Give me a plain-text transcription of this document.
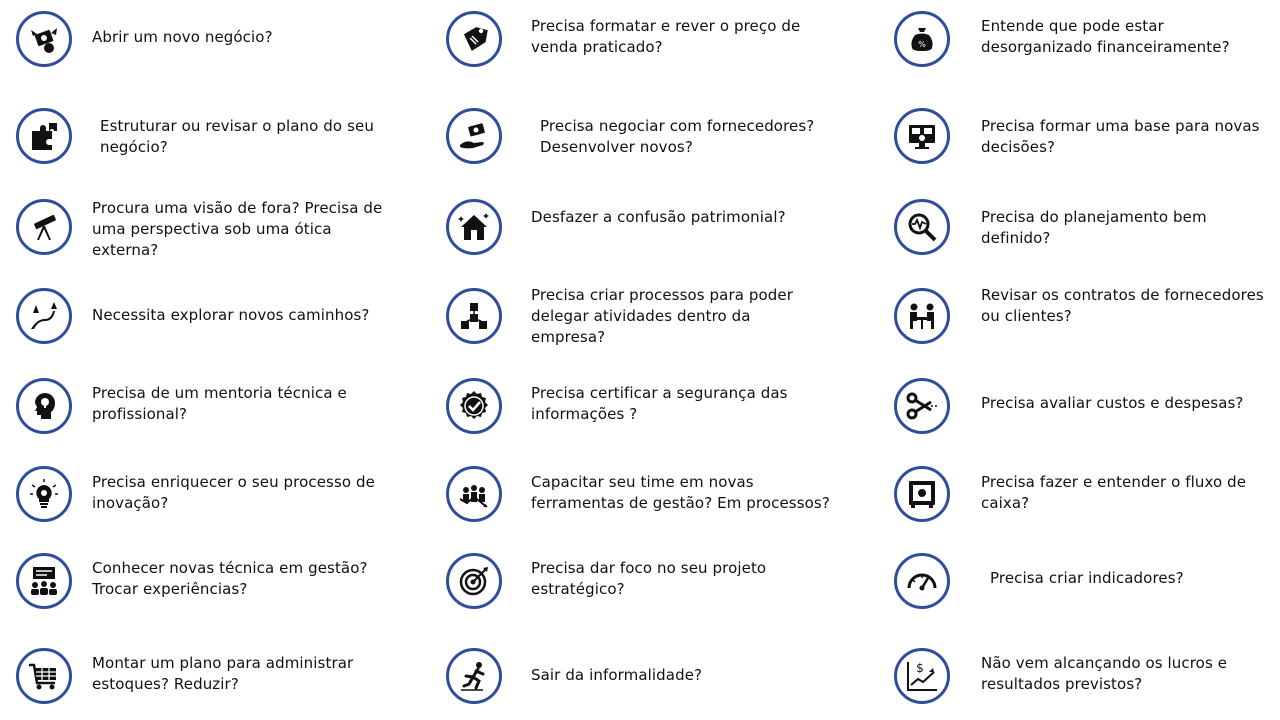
Abrir um novo negócio?
Precisa formatar e rever o preço de venda praticado?	%
Entende que pode estar desorganizado financeiramente?
Estruturar ou revisar o plano do seu negócio?
Precisa negociar com fornecedores? Desenvolver novos?
Precisa formar uma base para novas decisões?
Procura uma visão de fora? Precisa de uma perspectiva sob uma ótica externa?
Desfazer a confusão patrimonial?	Precisa do planejamento bem definido?
Necessita explorar novos caminhos?
Precisa criar processos para poder delegar atividades dentro da empresa?
Revisar os contratos de fornecedores ou clientes?
Precisa de um mentoria técnica e profissional?
Precisa certificar a segurança das informações ?
Precisa avaliar custos e despesas?
Precisa enriquecer o seu processo de inovação?
Capacitar seu time em novas ferramentas de gestão? Em processos?
Precisa fazer e entender o fluxo de caixa?
Conhecer novas técnica em gestão? Trocar experiências?
Precisa dar foco no seu projeto estratégico?
Precisa criar indicadores?
Montar um plano para administrar estoques? Reduzir?	Sair da informalidade?	$	Não vem alcançando os lucros e resultados previstos?
